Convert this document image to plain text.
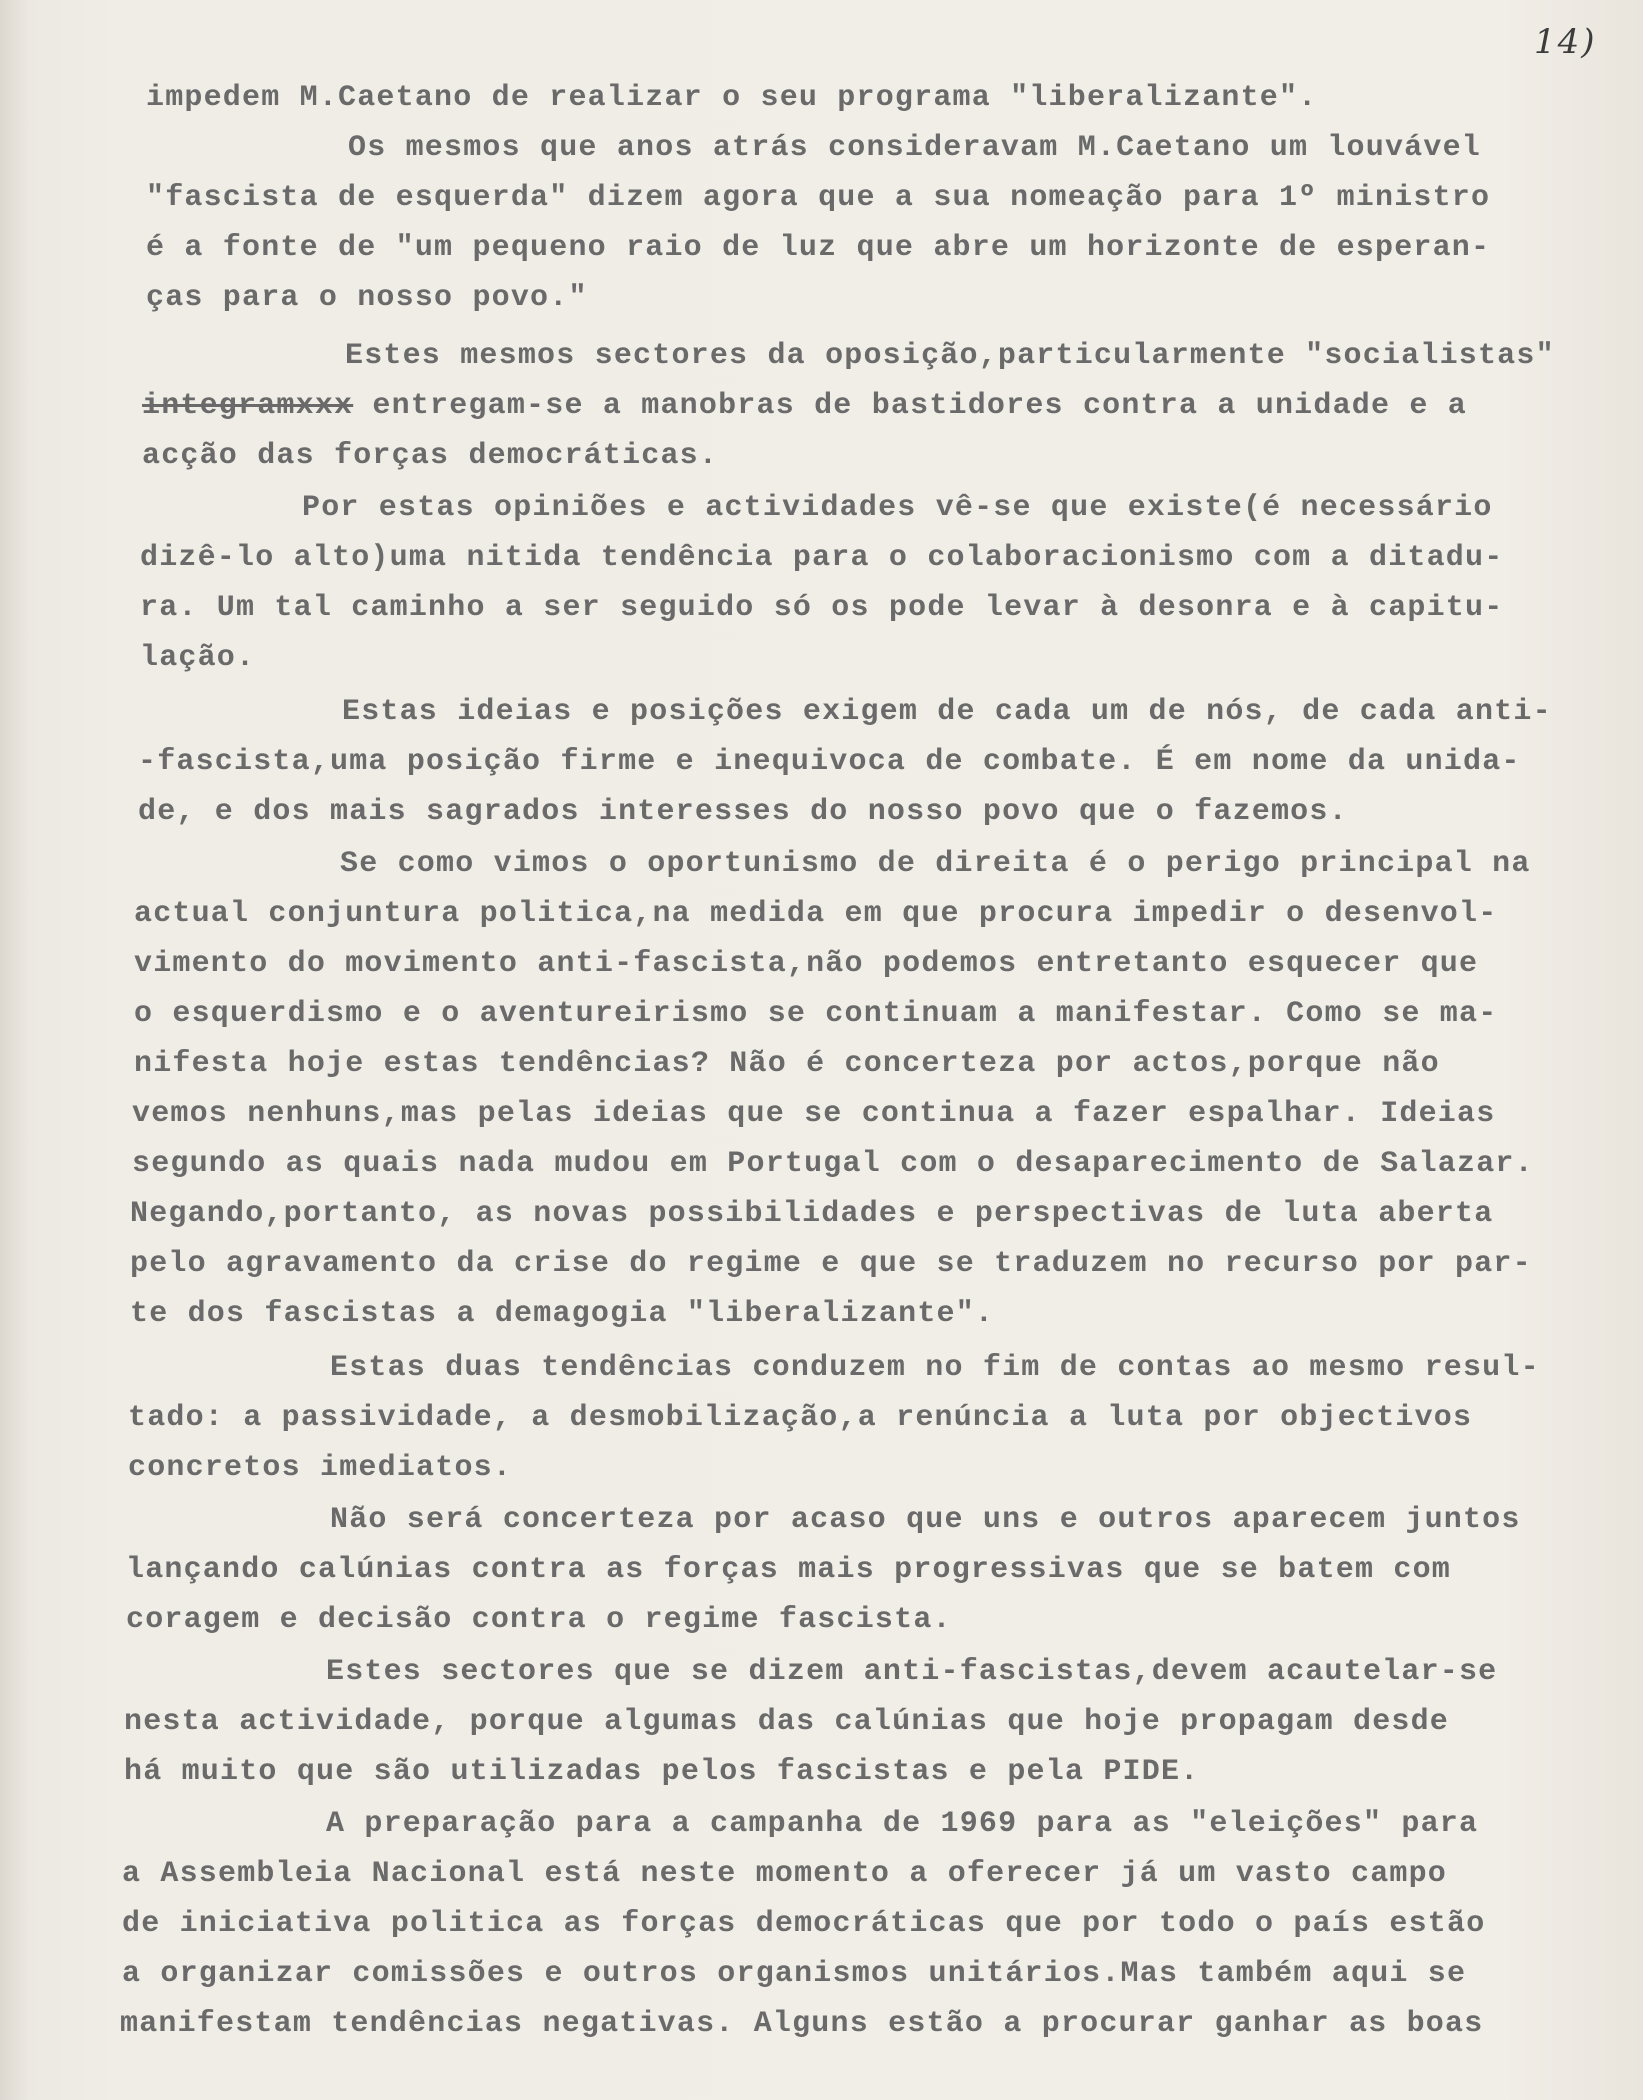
14)
impedem M.Caetano de realizar o seu programa "liberalizante".
Os mesmos que anos atrás consideravam M.Caetano um louvável
"fascista de esquerda" dizem agora que a sua nomeação para 1º ministro
é a fonte de "um pequeno raio de luz que abre um horizonte de esperan-
ças para o nosso povo."
Estes mesmos sectores da oposição,particularmente "socialistas"
integramxxx entregam-se a manobras de bastidores contra a unidade e a
acção das forças democráticas.
Por estas opiniões e actividades vê-se que existe(é necessário
dizê-lo alto)uma nitida tendência para o colaboracionismo com a ditadu-
ra. Um tal caminho a ser seguido só os pode levar à desonra e à capitu-
lação.
Estas ideias e posições exigem de cada um de nós, de cada anti-
-fascista,uma posição firme e inequivoca de combate. É em nome da unida-
de, e dos mais sagrados interesses do nosso povo que o fazemos.
Se como vimos o oportunismo de direita é o perigo principal na
actual conjuntura politica,na medida em que procura impedir o desenvol-
vimento do movimento anti-fascista,não podemos entretanto esquecer que
o esquerdismo e o aventureirismo se continuam a manifestar. Como se ma-
nifesta hoje estas tendências? Não é concerteza por actos,porque não
vemos nenhuns,mas pelas ideias que se continua a fazer espalhar. Ideias
segundo as quais nada mudou em Portugal com o desaparecimento de Salazar.
Negando,portanto, as novas possibilidades e perspectivas de luta aberta
pelo agravamento da crise do regime e que se traduzem no recurso por par-
te dos fascistas a demagogia "liberalizante".
Estas duas tendências conduzem no fim de contas ao mesmo resul-
tado: a passividade, a desmobilização,a renúncia a luta por objectivos
concretos imediatos.
Não será concerteza por acaso que uns e outros aparecem juntos
lançando calúnias contra as forças mais progressivas que se batem com
coragem e decisão contra o regime fascista.
Estes sectores que se dizem anti-fascistas,devem acautelar-se
nesta actividade, porque algumas das calúnias que hoje propagam desde
há muito que são utilizadas pelos fascistas e pela PIDE.
A preparação para a campanha de 1969 para as "eleições" para
a Assembleia Nacional está neste momento a oferecer já um vasto campo
de iniciativa politica as forças democráticas que por todo o país estão
a organizar comissões e outros organismos unitários.Mas também aqui se
manifestam tendências negativas. Alguns estão a procurar ganhar as boas
